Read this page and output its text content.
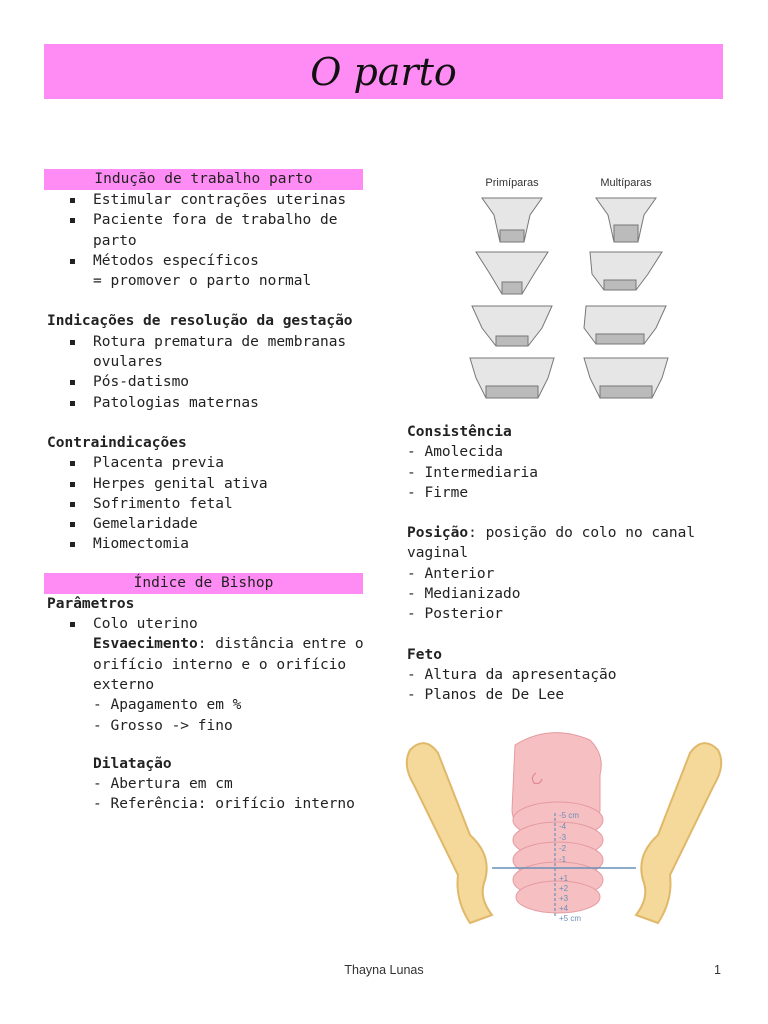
O parto
Indução de trabalho parto
Estimular contrações uterinas
Paciente fora de trabalho de parto
Métodos específicos
= promover o parto normal
Indicações de resolução da gestação
Rotura prematura de membranas ovulares
Pós-datismo
Patologias maternas
Contraindicações
Placenta previa
Herpes genital ativa
Sofrimento fetal
Gemelaridade
Miomectomia
Índice de Bishop
Parâmetros
Colo uterino
Esvaecimento: distância entre o orifício interno e o orifício externo
- Apagamento em %
- Grosso -> fino
Dilatação
- Abertura em cm
- Referência: orifício interno
Primíparas	Multíparas
Consistência
- Amolecida
- Intermediaria
- Firme
Posição: posição do colo no canal vaginal
- Anterior
- Medianizado
- Posterior
Feto
- Altura da apresentação
- Planos de De Lee
-5 cm
-4
-3
-2
-1
+1
+2
+3
+4
+5 cm
Thayna Lunas	1
